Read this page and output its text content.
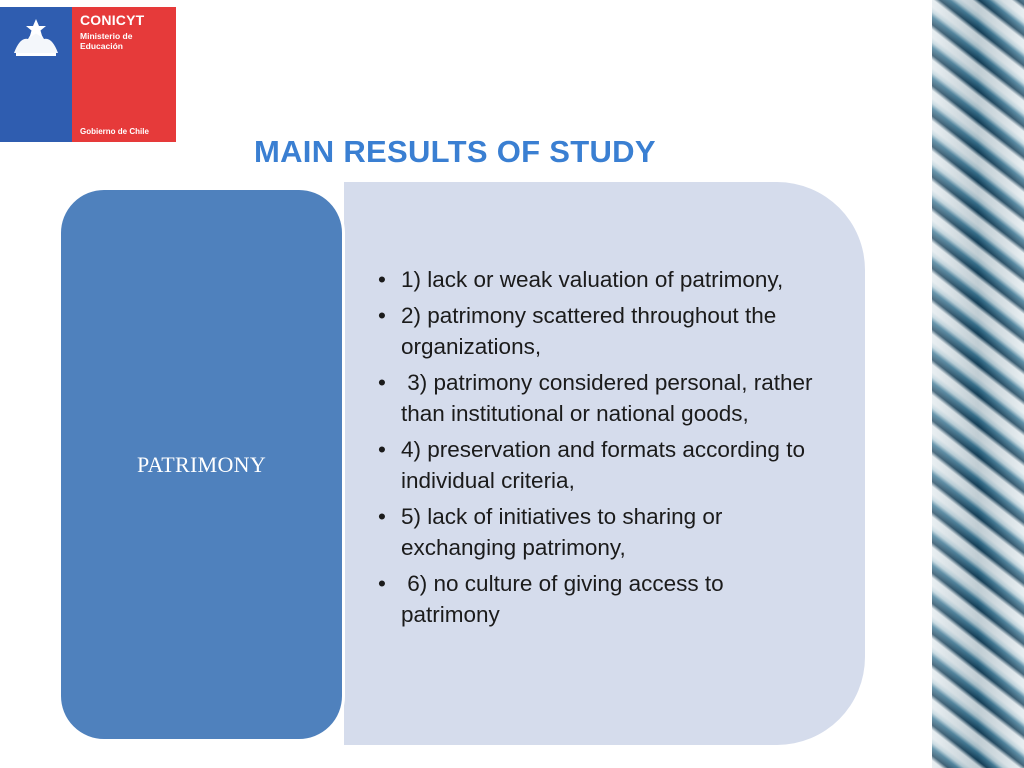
CONICYT
Ministerio de Educación
Gobierno de Chile
MAIN RESULTS OF STUDY
• 1) lack or weak valuation of patrimony,
• 2) patrimony scattered throughout the organizations,
• 3) patrimony considered personal, rather than institutional or national goods,
• 4) preservation and formats according to individual criteria,
• 5) lack of initiatives to sharing or exchanging patrimony,
• 6) no culture of giving access to patrimony
PATRIMONY
